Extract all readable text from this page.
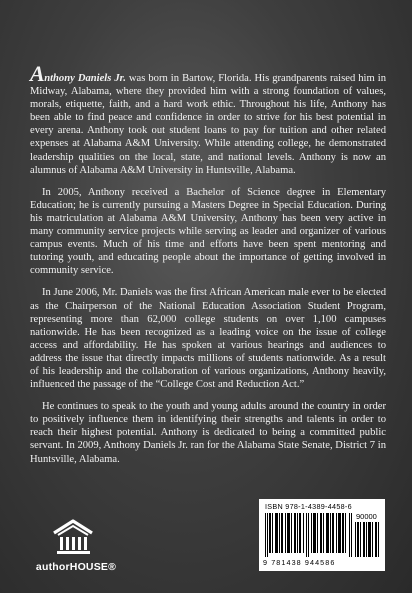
Anthony Daniels Jr. was born in Bartow, Florida. His grandparents raised him in Midway, Alabama, where they provided him with a strong foundation of values, morals, etiquette, faith, and a hard work ethic. Throughout his life, Anthony has been able to find peace and confidence in order to strive for his best potential in every arena. Anthony took out student loans to pay for tuition and other related expenses at Alabama A&M University. While attending college, he demonstrated leadership qualities on the local, state, and national levels. Anthony is now an alumnus of Alabama A&M University in Huntsville, Alabama.

In 2005, Anthony received a Bachelor of Science degree in Elementary Education; he is currently pursuing a Masters Degree in Special Education. During his matriculation at Alabama A&M University, Anthony has been very active in many community service projects while serving as leader and organizer of various campus events. Much of his time and efforts have been spent mentoring and tutoring youth, and educating people about the importance of getting involved in community service.

In June 2006, Mr. Daniels was the first African American male ever to be elected as the Chairperson of the National Education Association Student Program, representing more than 62,000 college students on over 1,100 campuses nationwide. He has been recognized as a leading voice on the issue of college access and affordability. He has spoken at various hearings and audiences to address the issue that directly impacts millions of students nationwide. As a result of his leadership and the collaboration of various organizations, Anthony heavily, influenced the passage of the “College Cost and Reduction Act.”

He continues to speak to the youth and young adults around the country in order to positively influence them in identifying their strengths and talents in order to reach their highest potential. Anthony is dedicated to being a committed public servant. In 2009, Anthony Daniels Jr. ran for the Alabama State Senate, District 7 in Huntsville, Alabama.

authorHOUSE®
ISBN 978-1-4389-4458-6
90000
9 781438 944586
